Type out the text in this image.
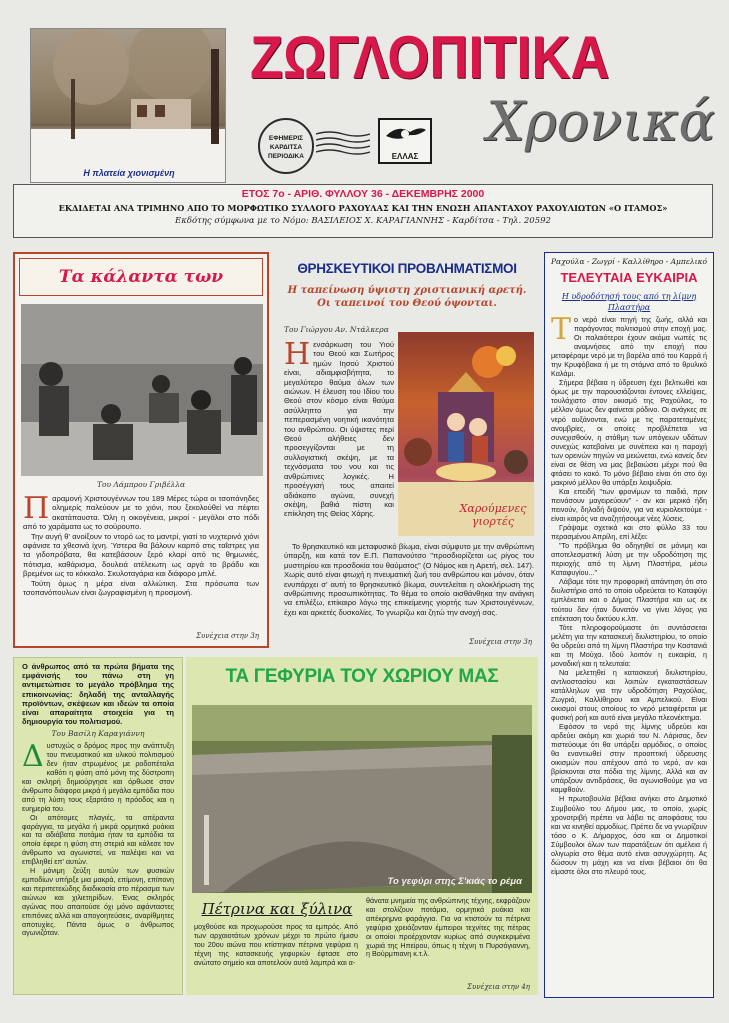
Η πλατεία χιονισμένη
ΖΩΓΛΟΠΙΤΙΚΑ
ΕΦΗΜΕΡΙΣ ΚΑΡΔΙΤΣΑ ΠΕΡΙΟΔΙΚΑ	ΕΛΛΑΣ
Χρονικά
ΕΤΟΣ 7ο - ΑΡΙΘ. ΦΥΛΛΟΥ 36 - ΔΕΚΕΜΒΡΗΣ 2000
ΕΚΔΙΔΕΤΑΙ ΑΝΑ ΤΡΙΜΗΝΟ ΑΠΟ ΤΟ ΜΟΡΦΩΤΙΚΟ ΣΥΛΛΟΓΟ ΡΑΧΟΥΛΑΣ ΚΑΙ ΤΗΝ ΕΝΩΣΗ ΑΠΑΝΤΑΧΟΥ ΡΑΧΟΥΛΙΩΤΩΝ «Ο ΙΤΑΜΟΣ»
Εκδότης σύμφωνα με το Νόμο: ΒΑΣΙΛΕΙΟΣ Χ. ΚΑΡΑΓΙΑΝΝΗΣ - Καρδίτσα - Τηλ. 20592
Τα κάλαντα των
Του Λάμπρου Γριβέλλα
Π αραμονή Χριστουγέννων του 189 Μέρες τώρα οι τσοπάνηδες ολημερίς παλεύουν με το χιόνι, που ξεκολούθεί να πέφτει ακατάπαυστα. Όλη η οικογένεια, μικροί - μεγάλοι στο πόδι από το χαράματα ως το σούρουπο.

Την αυγή θ' ανοίξουν το ντορό ως το μαντρί, γιατί το νυχτερινό χιόνι αφάνισε τα χθεσινά ίχνη. Ύστερα θα βάλουν καρπό στις ταΐστρες για τα γιδοπρόβατα, θα κατεβάσουν ξερό κλαρί από τις θημωνιές, πότισμα, καθάρισμα, δουλειά ατέλειωτη ως αργά το βράδυ και βρεμένοι ως το κόκκαλο. Σκυλοταγάρια και διάφορο μπλέ.

Τούτη όμως η μέρα είναι αλλιώτικη. Στα πρόσωπα των τσοπανόπουλων είναι ζωγραφισμένη η προσμονή.

Συνέχεια στην 3η
ΘΡΗΣΚΕΥΤΙΚΟΙ ΠΡΟΒΛΗΜΑΤΙΣΜΟΙ
Η ταπείνωση ύψιστη χριστιανική αρετή. Οι ταπεινοί του Θεού όψονται.
Του Γιώργου Αν. Ντάλκερα
Η ενσάρκωση του Υιού του Θεού και Σωτήρος ημών Ιησού Χριστού είναι, αδιαμφισβήτητα, το μεγαλύτερο θαύμα όλων των αιώνων. Η έλευση του Ιδίου του Θεού στον κόσμο είναι θαύμα ασύλληπτο για την πεπερασμένη νοητική ικανότητα του ανθρώπου. Οι ύψιστες περί Θεού αλήθειες δεν προσεγγίζονται με τη συλλογιστική σκέψη, με τα τεχνάσματα του νου και τις ανθρώπινες λογικές. Η προσέγγισή τους απαιτεί αδιάκοπο αγώνα, συνεχή σκέψη, βαθιά πίστη και επίκληση της Θείας Χάρης.	Χαρούμενες γιορτές

Το θρησκευτικό και μεταφυσικό βίωμα, είναι σύμφυτο με την ανθρώπινη ύπαρξη, και κατά τον Ε.Π. Παπανούτσο "προσδιορίζεται ως ρίγος του μυστηρίου και προσδοκία του θαύματος" (Ο Νόμος και η Αρετή, σελ. 147). Χωρίς αυτό είναι φτωχή η πνευματική ζωή του ανθρώπου και μόνον, όταν ενυπάρχει σ' αυτή το θρησκευτικό βίωμα, συντελείται η ολοκλήρωση της ανθρώπινης προσωπικότητας. Το θέμα το οποίο αισθάνθηκα την ανάγκη να επιλέξω, επίκαιρο λόγω της επικείμενης γιορτής των Χριστουγέννων, έχει και αρκετές δυσκολίες. Το γνωρίζω και ζητώ την ανοχή σας.

Συνέχεια στην 3η
Ραχούλα - Ζωγρί - Καλλίθηρο - Αμπελικό
ΤΕΛΕΥΤΑΙΑ ΕΥΚΑΙΡΙΑ
Η υδροδότησή τους από τη λίμνη Πλαστήρα
Τ ο νερό είναι πηγή της ζωής, αλλά και παράγοντας πολιτισμού στην εποχή μας. Οι παλαιότεροι έχουν ακόμα νωπές τις αναμνήσεις από την εποχή που μεταφέραμε νερό με τη βαρέλα από του Καρρά ή την Κρυφόβακα ή με τη στάμνα από το θρυλικό Καλάμι.

Σήμερα βέβαια η ύδρευση έχει βελτιωθεί και όμως με την παρουσιάζονται έντονες ελλείψεις, τουλάχιστο στον οικισμό της Ραχούλας, το μέλλον όμως δεν φαίνεται ρόδινο. Οι ανάγκες σε νερό αυξάνονται, ενώ με τις παρατεταμένες ανομβρίες, οι οποίες προβλέπεται να συνεχισθούν, η στάθμη των υπόγειων υδάτων συνεχώς κατεβαίνει με συνέπεια και η παροχή των ορεινών πηγών να μειώνεται, ενώ κανείς δεν είναι σε θέση να μας βεβαιώσει μέχρι πού θα φτάσει το κακό. Το μόνο βέβαιο είναι ότι στο όχι μακρινό μέλλον θα υπάρξει λειψυδρία.

Και επειδή "των φρονίμων τα παιδιά, πριν πεινάσουν μαγειρεύουν" - αν και μερικά ήδη πεινούν, δηλαδή διψούν, για να κυριολεκτούμε - είναι καιρός να αναζητήσουμε νέες λύσεις.

Γράψαμε σχετικά και στο φύλλο 33 του περασμένου Απρίλη, επί λέξει:

"Το πρόβλημα θα οδηγηθεί σε μόνιμη και αποτελεσματική λύση με την υδροδότηση της περιοχής από τη λίμνη Πλαστήρα, μέσω Καταφυγίου..."

Λάβαμε τότε την προφορική απάντηση ότι στο διυλιστήριο από το οποίο υδρεύεται το Καταφύγι εμπλέκεται και ο Δήμος Πλαστήρα και ως εκ τούτου δεν ήταν δυνατόν να γίνει λόγος για επέκταση του δικτύου κ.λπ.

Τότε πληροφορούμαστε ότι συντάσσεται μελέτη για την κατασκευή διυλιστηρίου, το οποίο θα υδρεύει από τη λίμνη Πλαστήρα την Καστανιά και τη Μούχα. Ιδού λοιπόν η ευκαιρία, η μοναδική και η τελευταία:

Να μελετηθεί η κατασκευή διυλιστηρίου, αντλιοστασίου και λοιπών εγκαταστάσεων κατάλληλων για την υδροδότηση Ραχούλας, Ζωγριά, Καλλίθηρου και Αμπελικού. Είναι οικισμοί στους οποίους το νερό μεταφέρεται με φυσική ροή και αυτό είναι μεγάλο πλεονέκτημα.

Εφόσον το νερό της λίμνης υδρεύει και αρδεύει ακόμη και χωριά του Ν. Λάρισας, δεν πιστεύουμε ότι θα υπάρξει αρμόδιος, ο οποίος θα εναντιωθεί στην προοπτική ύδρευσης οικισμών που απέχουν από το νερό, αν και βρίσκονται στα πόδια της λίμνης. Αλλά και αν υπάρξουν αντιδράσεις, θα αγωνισθούμε για να καμφθούν.

Η πρωτοβουλία βέβαια ανήκει στο Δημοτικό Συμβούλιο του Δήμου μας, το οποίο, χωρίς χρονοτριβή πρέπει να λάβει τις αποφάσεις του και να κινηθεί αρμοδίως. Πρέπει δε να γνωρίζουν τόσο ο Κ. Δήμαρχος, όσο και οι Δημοτικοί Σύμβουλοι όλων των παρατάξεων ότι αμέλεια ή ολιγωρία στο θέμα αυτό είναι ασυγχώρητη. Ας δώσουν τη μάχη και να είναι βέβαιοι ότι θα είμαστε όλοι στο πλευρό τους.

Ο άνθρωπος από τα πρώτα βήματα της εμφάνισής του πάνω στη γη αντιμετώπισε το μεγάλο πρόβλημα της επικοινωνίας: δηλαδή της ανταλλαγής προϊόντων, σκέψεων και ιδεών τα οποία είναι απαραίτητα στοιχεία για τη δημιουργία του πολιτισμού.
Του Βασίλη Καραγιάννη
Δ υστυχώς ο δρόμος προς την ανάπτυξη του πνευματικού και υλικού πολιτισμού δεν ήταν στρωμένος με ροδοπέταλα καθότι η φύση από μόνη της δύστροπη και σκληρή δημιούργησε και όρθωσε στον άνθρωπο διάφορα μικρά ή μεγάλα εμπόδια που από τη λύση τους εξαρτάτο η πρόοδος και η ευημερία του.

Οι απότομες πλαγιές, τα απέραντα φαράγγια, τα μεγάλα ή μικρά ορμητικά ρυάκια και τα αδιάβατα ποτάμια ήταν τα εμπόδια τα οποία έφερε η φύση στη στεριά και κάλεσε τον άνθρωπο να αγωνιστεί, να παλέψει και να επιβληθεί επ' αυτών.

Η μόνιμη ζεύξη αυτών των φυσικών εμποδίων υπήρξε μια μακρά, επίμονη, επίπονη και περιπετειώδης διαδικασία στο πέρασμα των αιώνων και χιλιετηρίδων. Ένας σκληρός αγώνας που απαιτούσε όχι μόνο αφάνταστες επιπόνιες αλλά και απογοητεύσεις, αναρίθμητες αποτυχίες. Πάντα όμως ο άνθρωπος αγωνιζόταν.

ΤΑ ΓΕΦΥΡΙΑ ΤΟΥ ΧΩΡΙΟΥ ΜΑΣ
Το γεφύρι στης Σ'κιάς το ρέμα
Πέτρινα και ξύλινα

μοχθούσε και προχωρούσε προς τα εμπρός. Από των αρχαιοτάτων χρόνων μέχρι το πρώτο ήμισυ του 20ου αιώνα που κτίστηκαν πέτρινα γεφύρια η τέχνη της κατασκευής γεφυριών έφτασε στο ανώτατο σημείο και αποτελούν αυτά λαμπρά και α-

θάνατα μνημεία της ανθρώπινης τέχνης, εκφράζουν και στολίζουν ποτάμια, ορμητικά ρυάκια και απέκρημνα φαράγγια. Για να κτιστούν τα πέτρινα γεφύρια χρειάζονταν έμπειροι τεχνίτες της πέτρας οι οποίοι προέρχονταν κυρίως από συγκεκριμένα χωριά της Ηπείρου, όπως η τέχνη τι Πυρσόγιαννη, η Βούρμπιανη κ.τ.λ.

Συνέχεια στην 4η
